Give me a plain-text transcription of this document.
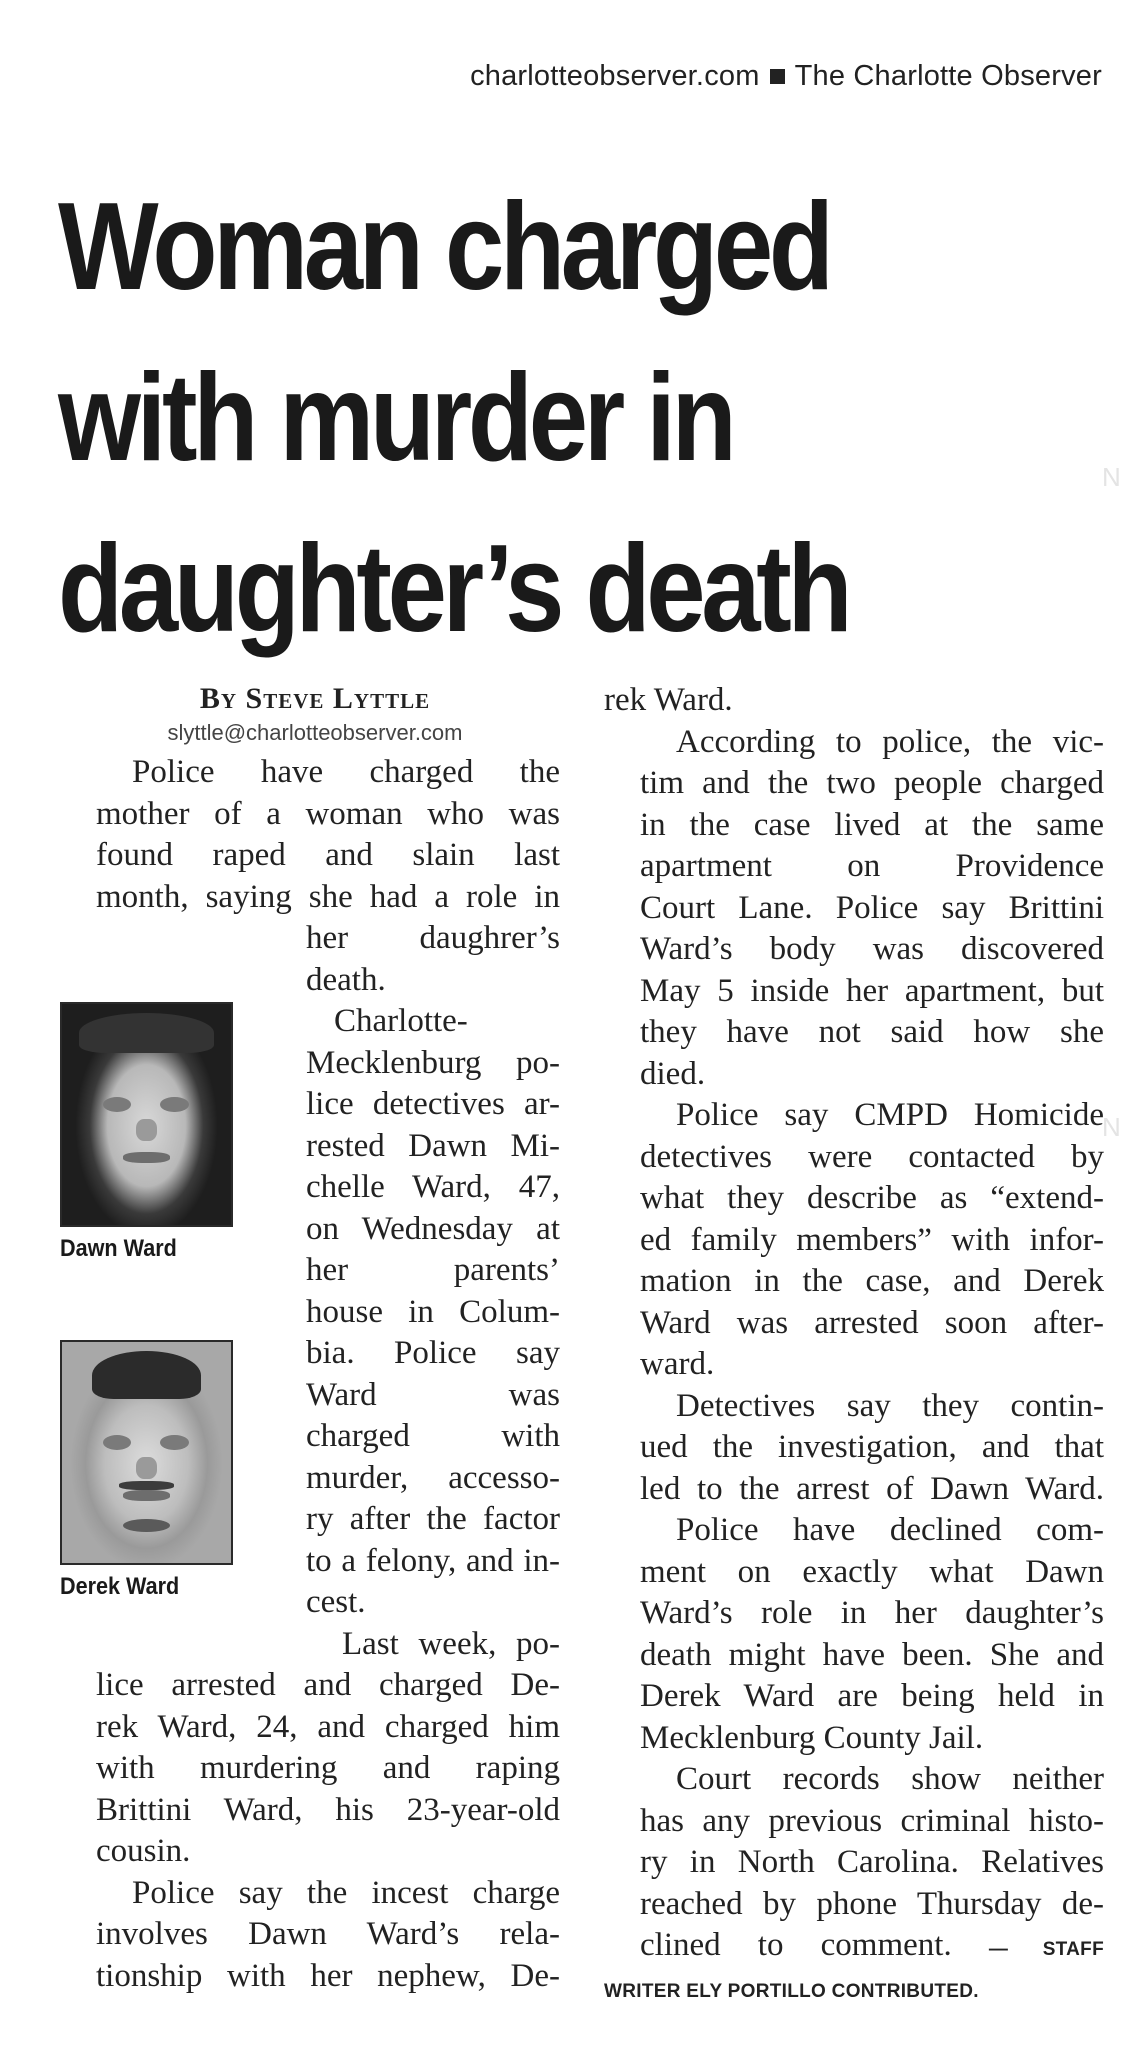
charlotteobserver.com The Charlotte Observer
Woman charged
with murder in
daughter’s death
N
N
By Steve Lyttle
slyttle@charlotteobserver.com

Police have charged the
mother of a woman who was
found raped and slain last
month, saying she had a role in
her daughrer’s
death.

Charlotte-
Mecklenburg po-
lice detectives ar-
rested Dawn Mi-
chelle Ward, 47,
on Wednesday at
her parents’
house in Colum-
bia. Police say
Ward was
charged with
murder, accesso-
ry after the factor
to a felony, and in-
cest.

Last week, po-
lice arrested and charged De-
rek Ward, 24, and charged him
with murdering and raping
Brittini Ward, his 23-year-old
cousin.

Police say the incest charge
involves Dawn Ward’s rela-
tionship with her nephew, De-

Dawn Ward
Derek Ward

rek Ward.

According to police, the vic-
tim and the two people charged
in the case lived at the same
apartment on Providence
Court Lane. Police say Brittini
Ward’s body was discovered
May 5 inside her apartment, but
they have not said how she
died.

Police say CMPD Homicide
detectives were contacted by
what they describe as “extend-
ed family members” with infor-
mation in the case, and Derek
Ward was arrested soon after-
ward.

Detectives say they contin-
ued the investigation, and that
led to the arrest of Dawn Ward.

Police have declined com-
ment on exactly what Dawn
Ward’s role in her daughter’s
death might have been. She and
Derek Ward are being held in
Mecklenburg County Jail.

Court records show neither
has any previous criminal histo-
ry in North Carolina. Relatives
reached by phone Thursday de-
clined to comment. — STAFF

WRITER ELY PORTILLO CONTRIBUTED.
